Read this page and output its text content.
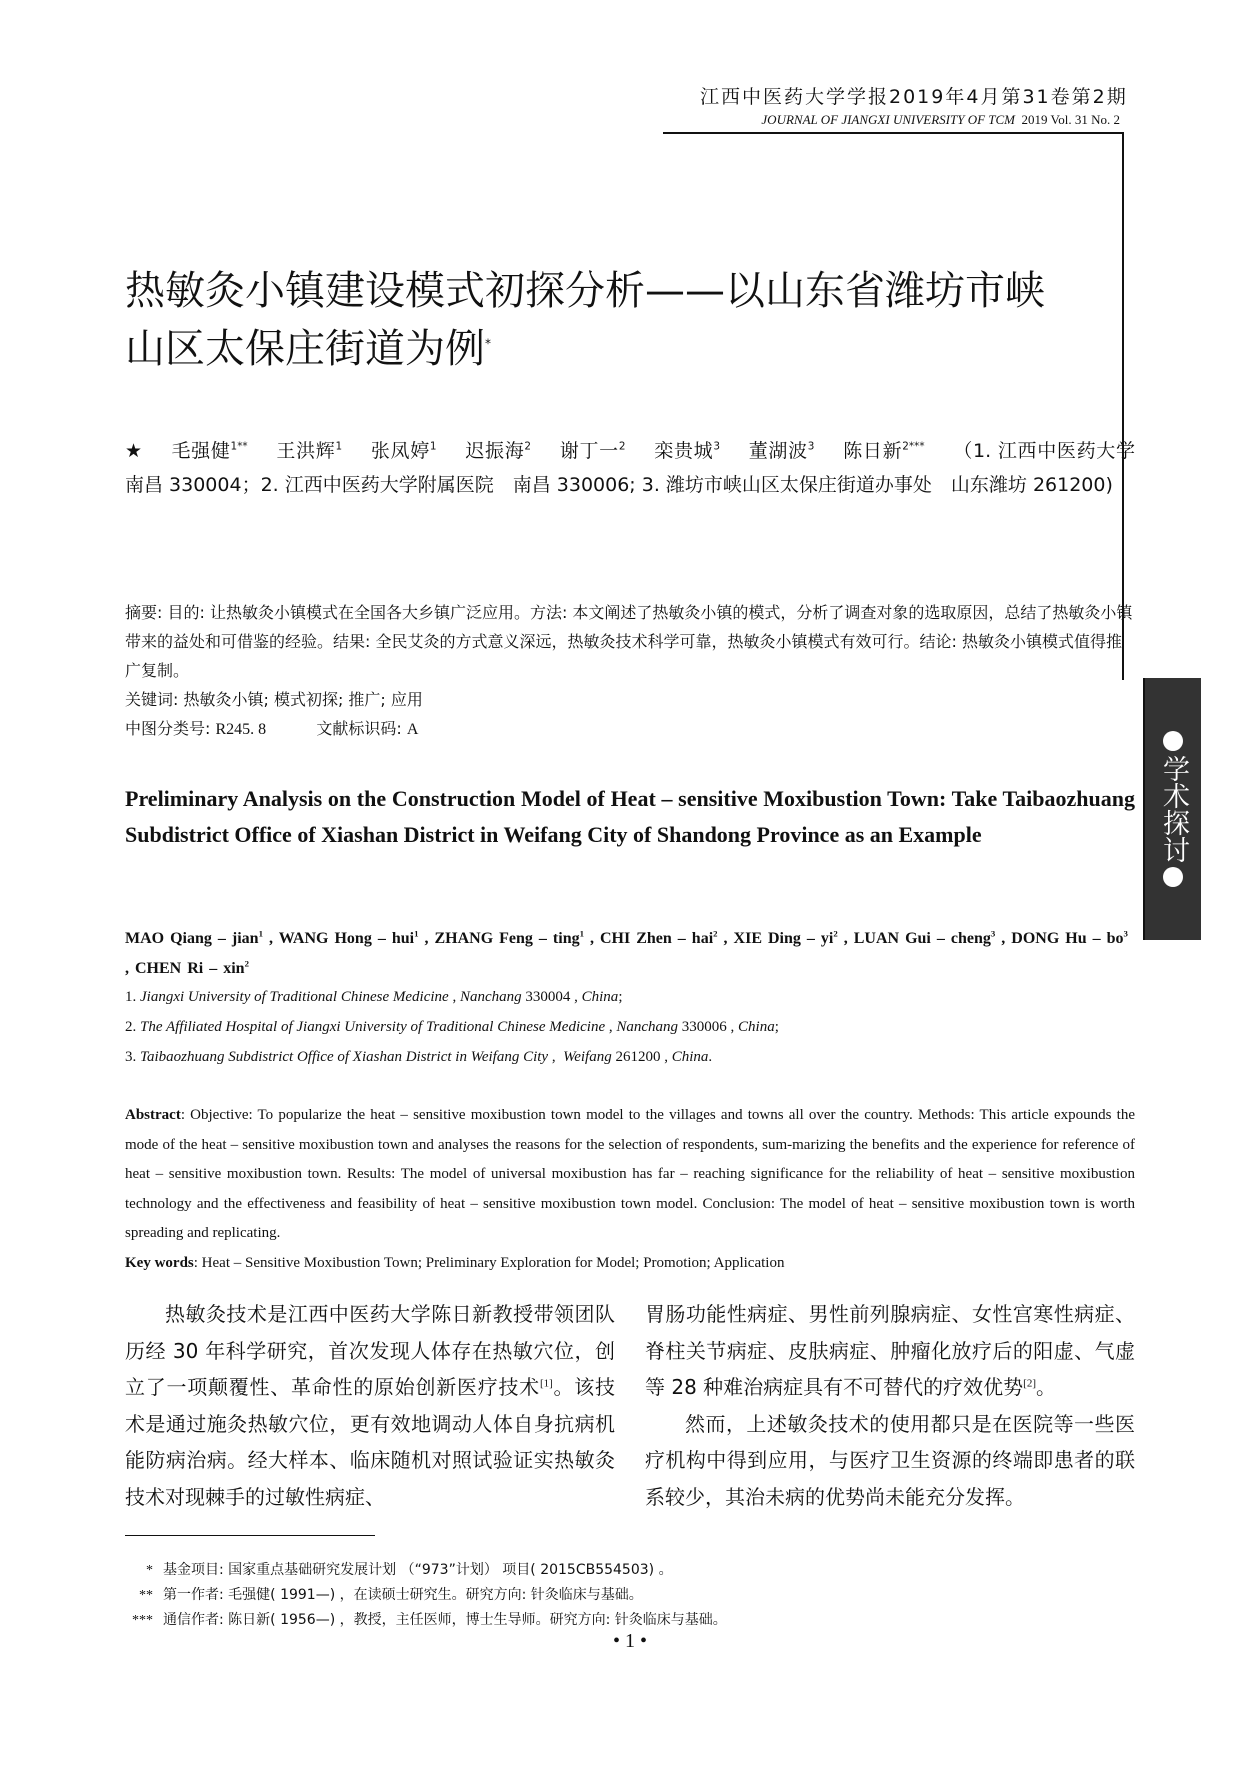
江西中医药大学学报2019年4月第31卷第2期
JOURNAL OF JIANGXI UNIVERSITY OF TCM 2019 Vol. 31 No. 2
学术探讨
热敏灸小镇建设模式初探分析——以山东省潍坊市峡
山区太保庄街道为例*
★ 毛强健$^{1**}$ 王洪辉$^1$ 张凤婷$^1$ 迟振海$^2$ 谢丁一$^2$ 栾贵城$^3$ 董湖波$^3$ 陈日新$^{2***}$ （1. 江西中医药大学　南昌 330004；2. 江西中医药大学附属医院　南昌 330006; 3. 潍坊市峡山区太保庄街道办事处　山东潍坊 261200)

摘要: 目的: 让热敏灸小镇模式在全国各大乡镇广泛应用。方法: 本文阐述了热敏灸小镇的模式，分析了调查对象的选取原因，总结了热敏灸小镇带来的益处和可借鉴的经验。结果: 全民艾灸的方式意义深远，热敏灸技术科学可靠，热敏灸小镇模式有效可行。结论: 热敏灸小镇模式值得推广复制。

关键词: 热敏灸小镇; 模式初探; 推广; 应用

中图分类号: R245. 8	文献标识码: A

Preliminary Analysis on the Construction Model of Heat – sensitive Moxibustion Town: Take Taibaozhuang Subdistrict Office of Xiashan District in Weifang City of Shandong Province as an Example
MAO Qiang – jian$^1$ , WANG Hong – hui$^1$ , ZHANG Feng – ting$^1$ , CHI Zhen – hai$^2$ , XIE Ding – $yi^2$ , LUAN Gui – cheng$^3$ , DONG Hu – $bo^3$ , CHEN Ri – xin$^2$

1. Jiangxi University of Traditional Chinese Medicine , Nanchang 330004 , China;

2. The Affiliated Hospital of Jiangxi University of Traditional Chinese Medicine , Nanchang 330006 , China;

3. Taibaozhuang Subdistrict Office of Xiashan District in Weifang City ,  Weifang 261200 , China.

Abstract: Objective: To popularize the heat – sensitive moxibustion town model to the villages and towns all over the country. Methods: This article expounds the mode of the heat – sensitive moxibustion town and analyses the reasons for the selection of respondents, sum-marizing the benefits and the experience for reference of heat – sensitive moxibustion town. Results: The model of universal moxibustion has far – reaching significance for the reliability of heat – sensitive moxibustion technology and the effectiveness and feasibility of heat – sensitive moxibustion town model. Conclusion: The model of heat – sensitive moxibustion town is worth spreading and replicating.

Key words: Heat – Sensitive Moxibustion Town; Preliminary Exploration for Model; Promotion; Application

热敏灸技术是江西中医药大学陈日新教授带领团队历经 30 年科学研究，首次发现人体存在热敏穴位，创立了一项颠覆性、革命性的原始创新医疗技术[1]。该技术是通过施灸热敏穴位，更有效地调动人体自身抗病机能防病治病。经大样本、临床随机对照试验证实热敏灸技术对现棘手的过敏性病症、

胃肠功能性病症、男性前列腺病症、女性宫寒性病症、脊柱关节病症、皮肤病症、肿瘤化放疗后的阳虚、气虚等 28 种难治病症具有不可替代的疗效优势[2]。

然而，上述敏灸技术的使用都只是在医院等一些医疗机构中得到应用，与医疗卫生资源的终端即患者的联系较少，其治未病的优势尚未能充分发挥。

* 基金项目: 国家重点基础研究发展计划 （“973”计划） 项目( 2015CB554503) 。
** 第一作者: 毛强健( 1991—) ，在读硕士研究生。研究方向: 针灸临床与基础。
*** 通信作者: 陈日新( 1956—) ，教授，主任医师，博士生导师。研究方向: 针灸临床与基础。
• 1 •
